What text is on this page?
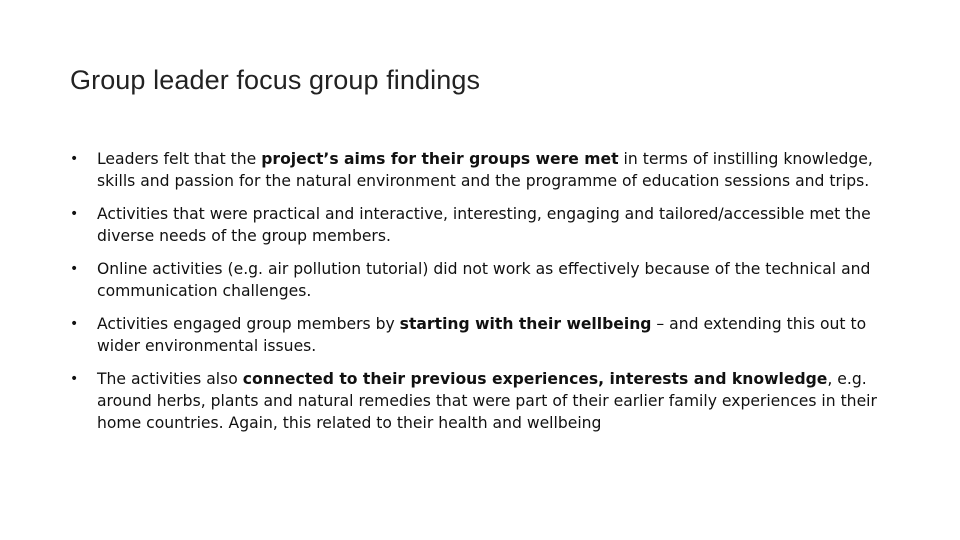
Group leader focus group findings
• Leaders felt that the project’s aims for their groups were met in terms of instilling knowledge, skills and passion for the natural environment and the programme of education sessions and trips.
• Activities that were practical and interactive, interesting, engaging and tailored/accessible met the diverse needs of the group members.
• Online activities (e.g. air pollution tutorial) did not work as effectively because of the technical and communication challenges.
• Activities engaged group members by starting with their wellbeing – and extending this out to wider environmental issues.
• The activities also connected to their previous experiences, interests and knowledge, e.g. around herbs, plants and natural remedies that were part of their earlier family experiences in their home countries. Again, this related to their health and wellbeing
